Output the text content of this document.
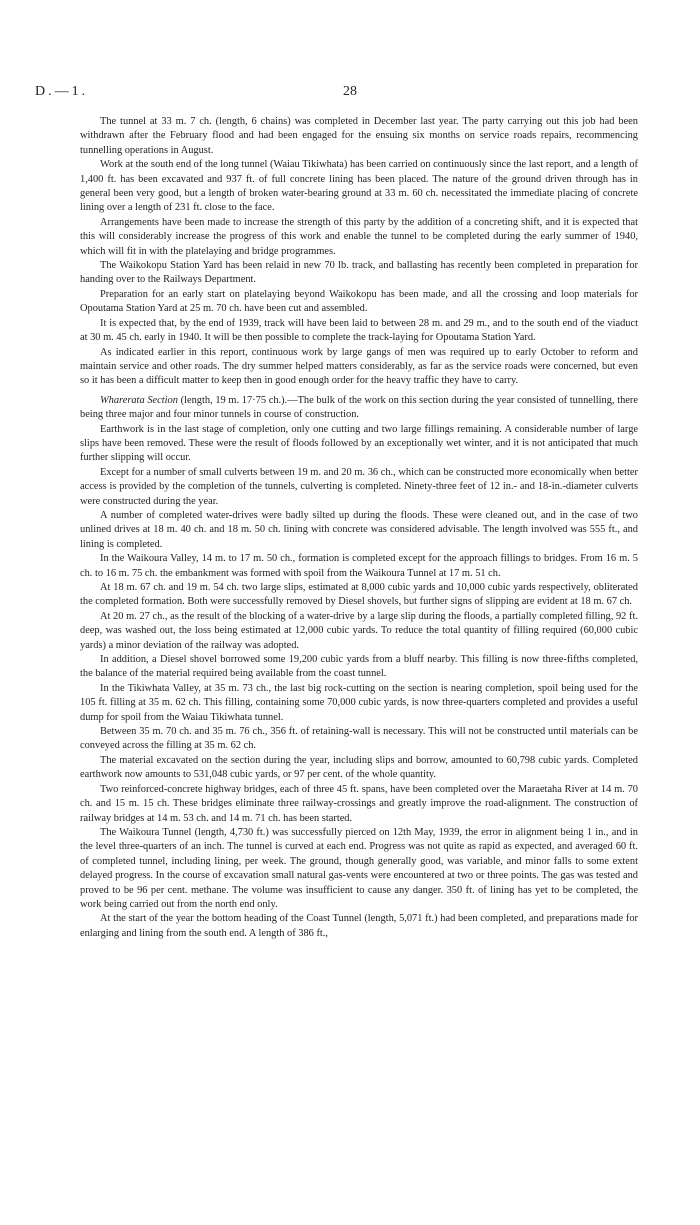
D.—1.	28

The tunnel at 33 m. 7 ch. (length, 6 chains) was completed in December last year. The party carrying out this job had been withdrawn after the February flood and had been engaged for the ensuing six months on service roads repairs, recommencing tunnelling operations in August.

Work at the south end of the long tunnel (Waiau Tikiwhata) has been carried on continuously since the last report, and a length of 1,400 ft. has been excavated and 937 ft. of full concrete lining has been placed. The nature of the ground driven through has in general been very good, but a length of broken water-bearing ground at 33 m. 60 ch. necessitated the immediate placing of concrete lining over a length of 231 ft. close to the face.

Arrangements have been made to increase the strength of this party by the addition of a concreting shift, and it is expected that this will considerably increase the progress of this work and enable the tunnel to be completed during the early summer of 1940, which will fit in with the platelaying and bridge programmes.

The Waikokopu Station Yard has been relaid in new 70 lb. track, and ballasting has recently been completed in preparation for handing over to the Railways Department.

Preparation for an early start on platelaying beyond Waikokopu has been made, and all the crossing and loop materials for Opoutama Station Yard at 25 m. 70 ch. have been cut and assembled.

It is expected that, by the end of 1939, track will have been laid to between 28 m. and 29 m., and to the south end of the viaduct at 30 m. 45 ch. early in 1940. It will be then possible to complete the track-laying for Opoutama Station Yard.

As indicated earlier in this report, continuous work by large gangs of men was required up to early October to reform and maintain service and other roads. The dry summer helped matters considerably, as far as the service roads were concerned, but even so it has been a difficult matter to keep then in good enough order for the heavy traffic they have to carry.

Wharerata Section (length, 19 m. 17·75 ch.).—The bulk of the work on this section during the year consisted of tunnelling, there being three major and four minor tunnels in course of construction.

Earthwork is in the last stage of completion, only one cutting and two large fillings remaining. A considerable number of large slips have been removed. These were the result of floods followed by an exceptionally wet winter, and it is not anticipated that much further slipping will occur.

Except for a number of small culverts between 19 m. and 20 m. 36 ch., which can be constructed more economically when better access is provided by the completion of the tunnels, culverting is completed. Ninety-three feet of 12 in.- and 18-in.-diameter culverts were constructed during the year.

A number of completed water-drives were badly silted up during the floods. These were cleaned out, and in the case of two unlined drives at 18 m. 40 ch. and 18 m. 50 ch. lining with concrete was considered advisable. The length involved was 555 ft., and lining is completed.

In the Waikoura Valley, 14 m. to 17 m. 50 ch., formation is completed except for the approach fillings to bridges. From 16 m. 5 ch. to 16 m. 75 ch. the embankment was formed with spoil from the Waikoura Tunnel at 17 m. 51 ch.

At 18 m. 67 ch. and 19 m. 54 ch. two large slips, estimated at 8,000 cubic yards and 10,000 cubic yards respectively, obliterated the completed formation. Both were successfully removed by Diesel shovels, but further signs of slipping are evident at 18 m. 67 ch.

At 20 m. 27 ch., as the result of the blocking of a water-drive by a large slip during the floods, a partially completed filling, 92 ft. deep, was washed out, the loss being estimated at 12,000 cubic yards. To reduce the total quantity of filling required (60,000 cubic yards) a minor deviation of the railway was adopted.

In addition, a Diesel shovel borrowed some 19,200 cubic yards from a bluff nearby. This filling is now three-fifths completed, the balance of the material required being available from the coast tunnel.

In the Tikiwhata Valley, at 35 m. 73 ch., the last big rock-cutting on the section is nearing completion, spoil being used for the 105 ft. filling at 35 m. 62 ch. This filling, containing some 70,000 cubic yards, is now three-quarters completed and provides a useful dump for spoil from the Waiau Tikiwhata tunnel.

Between 35 m. 70 ch. and 35 m. 76 ch., 356 ft. of retaining-wall is necessary. This will not be constructed until materials can be conveyed across the filling at 35 m. 62 ch.

The material excavated on the section during the year, including slips and borrow, amounted to 60,798 cubic yards. Completed earthwork now amounts to 531,048 cubic yards, or 97 per cent. of the whole quantity.

Two reinforced-concrete highway bridges, each of three 45 ft. spans, have been completed over the Maraetaha River at 14 m. 70 ch. and 15 m. 15 ch. These bridges eliminate three railway-crossings and greatly improve the road-alignment. The construction of railway bridges at 14 m. 53 ch. and 14 m. 71 ch. has been started.

The Waikoura Tunnel (length, 4,730 ft.) was successfully pierced on 12th May, 1939, the error in alignment being 1 in., and in the level three-quarters of an inch. The tunnel is curved at each end. Progress was not quite as rapid as expected, and averaged 60 ft. of completed tunnel, including lining, per week. The ground, though generally good, was variable, and minor falls to some extent delayed progress. In the course of excavation small natural gas-vents were encountered at two or three points. The gas was tested and proved to be 96 per cent. methane. The volume was insufficient to cause any danger. 350 ft. of lining has yet to be completed, the work being carried out from the north end only.

At the start of the year the bottom heading of the Coast Tunnel (length, 5,071 ft.) had been completed, and preparations made for enlarging and lining from the south end. A length of 386 ft.,
